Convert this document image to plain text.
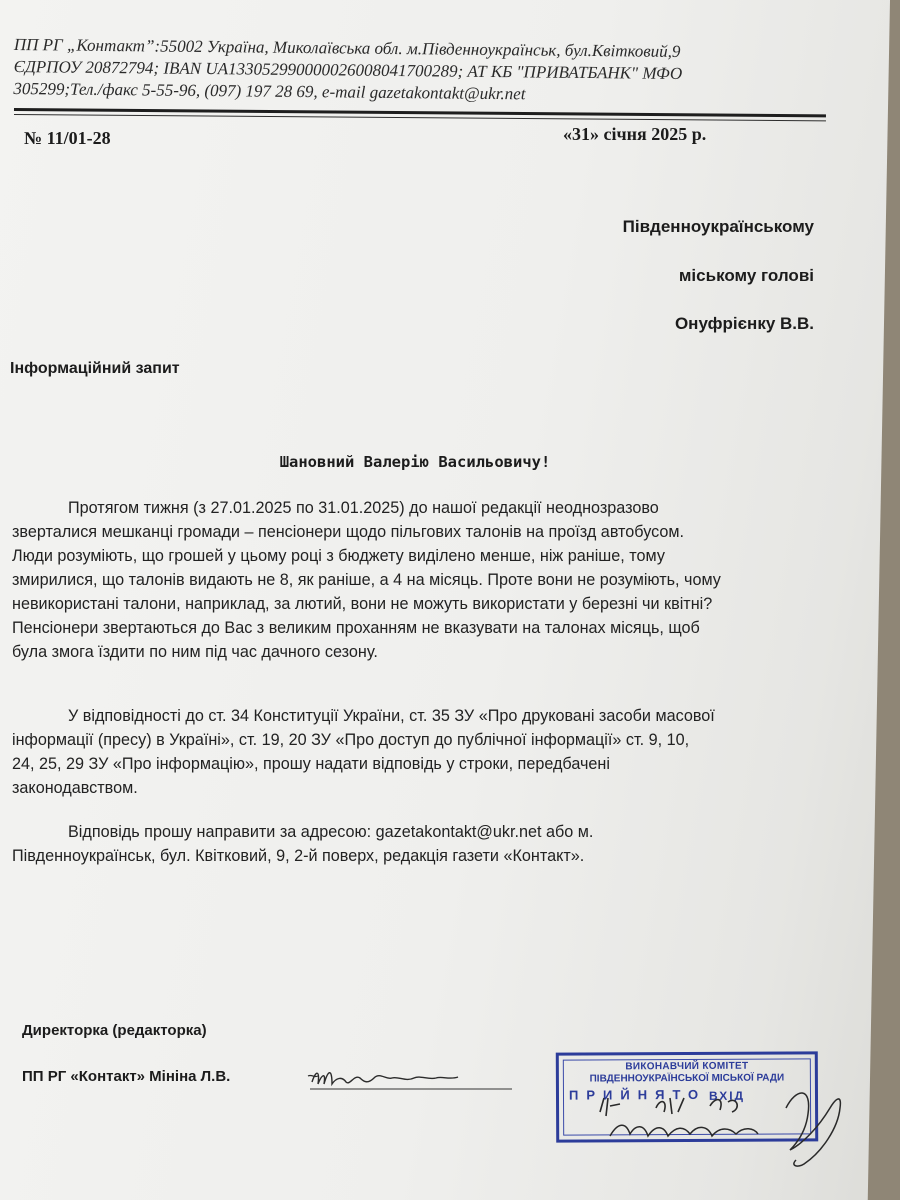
ПП РГ „Контакт”:55002 Україна, Миколаївська обл. м.Південноукраїнськ, бул.Квітковий,9
ЄДРПОУ 20872794; IBAN UA133052990000026008041700289; АТ КБ "ПРИВАТБАНК" МФО
305299;Тел./факс 5-55-96, (097) 197 28 69, e-mail gazetakontakt@ukr.net
№ 11/01-28	«31» січня 2025 р.
Південноукраїнському
міському голові
Онуфрієнку В.В.
Інформаційний запит
Шановний Валерію Васильовичу!
Протягом тижня (з 27.01.2025 по 31.01.2025) до нашої редакції неоднозразово
зверталися мешканці громади – пенсіонери щодо пільгових талонів на проїзд автобусом.
Люди розуміють, що грошей у цьому році з бюджету виділено менше, ніж раніше, тому
змирилися, що талонів видають не 8, як раніше, а 4 на місяць. Проте вони не розуміють, чому
невикористані талони, наприклад, за лютий, вони не можуть використати у березні чи квітні?
Пенсіонери звертаються до Вас з великим проханням не вказувати на талонах місяць, щоб
була змога їздити по ним під час дачного сезону.
У відповідності до ст. 34 Конституції України, ст. 35 ЗУ «Про друковані засоби масової
інформації (пресу) в Україні», ст. 19, 20 ЗУ «Про доступ до публічної інформації» ст. 9, 10,
24, 25, 29 ЗУ «Про інформацію», прошу надати відповідь у строки, передбачені
законодавством.
Відповідь прошу направити за адресою: gazetakontakt@ukr.net або м.
Південноукраїнськ, бул. Квітковий, 9, 2-й поверх, редакція газети «Контакт».
Директорка (редакторка)
ПП РГ «Контакт» Мініна Л.В.
ВИКОНАВЧИЙ КОМІТЕТ
ПІВДЕННОУКРАЇНСЬКОЇ МІСЬКОЇ РАДИ
ПРИЙНЯТО ВХІД
